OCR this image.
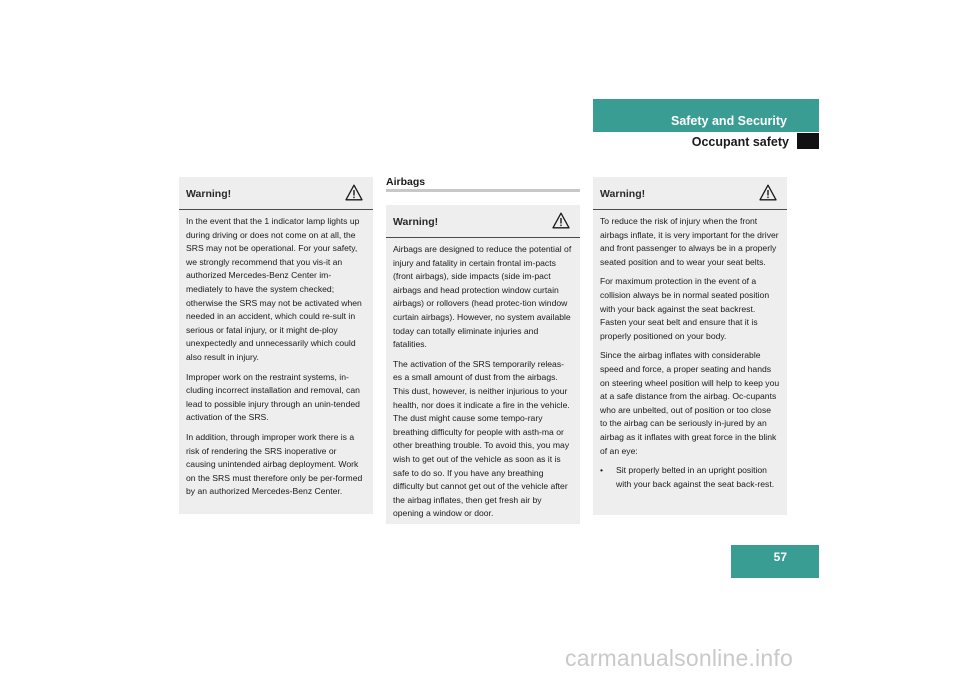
Safety and Security
Occupant safety
Airbags
Warning!

In the event that the 1 indicator lamp lights up during driving or does not come on at all, the SRS may not be operational. For your safety, we strongly recommend that you vis-it an authorized Mercedes-Benz Center im-mediately to have the system checked; otherwise the SRS may not be activated when needed in an accident, which could re-sult in serious or fatal injury, or it might de-ploy unexpectedly and unnecessarily which could also result in injury.

Improper work on the restraint systems, in-cluding incorrect installation and removal, can lead to possible injury through an unin-tended activation of the SRS.

In addition, through improper work there is a risk of rendering the SRS inoperative or causing unintended airbag deployment. Work on the SRS must therefore only be per-formed by an authorized Mercedes-Benz Center.

Warning!

Airbags are designed to reduce the potential of injury and fatality in certain frontal im-pacts (front airbags), side impacts (side im-pact airbags and head protection window curtain airbags) or rollovers (head protec-tion window curtain airbags). However, no system available today can totally eliminate injuries and fatalities.

The activation of the SRS temporarily releas-es a small amount of dust from the airbags. This dust, however, is neither injurious to your health, nor does it indicate a fire in the vehicle. The dust might cause some tempo-rary breathing difficulty for people with asth-ma or other breathing trouble. To avoid this, you may wish to get out of the vehicle as soon as it is safe to do so. If you have any breathing difficulty but cannot get out of the vehicle after the airbag inflates, then get fresh air by opening a window or door.

Warning!

To reduce the risk of injury when the front airbags inflate, it is very important for the driver and front passenger to always be in a properly seated position and to wear your seat belts.

For maximum protection in the event of a collision always be in normal seated position with your back against the seat backrest. Fasten your seat belt and ensure that it is properly positioned on your body.

Since the airbag inflates with considerable speed and force, a proper seating and hands on steering wheel position will help to keep you at a safe distance from the airbag. Oc-cupants who are unbelted, out of position or too close to the airbag can be seriously in-jured by an airbag as it inflates with great force in the blink of an eye:

•	Sit properly belted in an upright position with your back against the seat back-rest.
57
carmanualsonline.info
